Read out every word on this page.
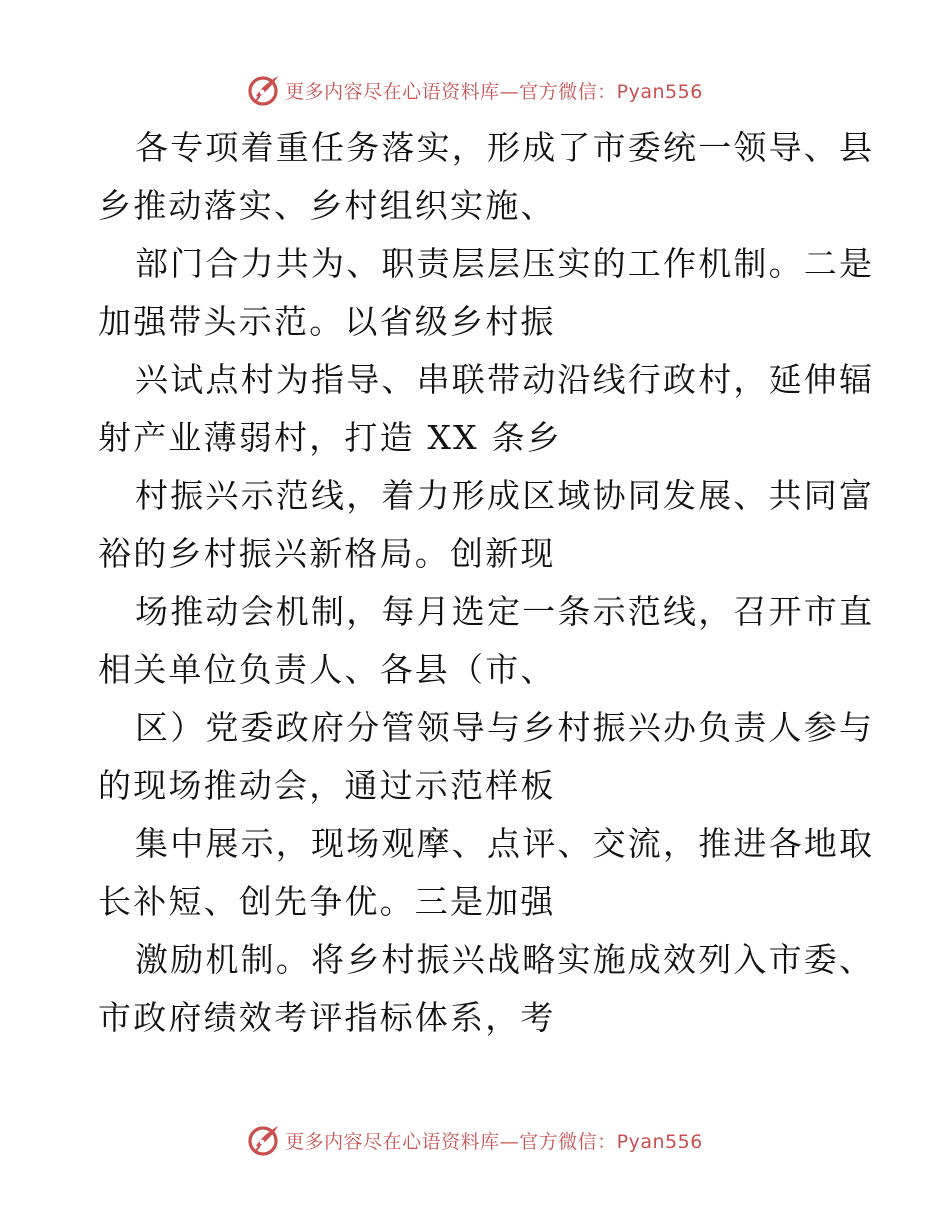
更多内容尽在心语资料库—官方微信：Pyan556
各专项着重任务落实，形成了市委统一领导、县
乡推动落实、乡村组织实施、
部门合力共为、职责层层压实的工作机制。二是
加强带头示范。以省级乡村振
兴试点村为指导、串联带动沿线行政村，延伸辐
射产业薄弱村，打造 XX 条乡
村振兴示范线，着力形成区域协同发展、共同富
裕的乡村振兴新格局。创新现
场推动会机制，每月选定一条示范线，召开市直
相关单位负责人、各县（市、
区）党委政府分管领导与乡村振兴办负责人参与
的现场推动会，通过示范样板
集中展示，现场观摩、点评、交流，推进各地取
长补短、创先争优。三是加强
激励机制。将乡村振兴战略实施成效列入市委、
市政府绩效考评指标体系，考
更多内容尽在心语资料库—官方微信：Pyan556
